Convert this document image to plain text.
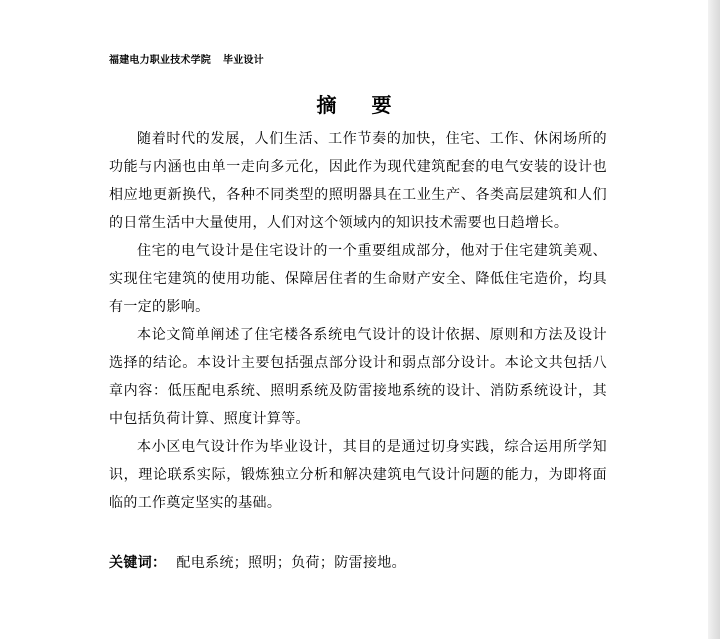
福建电力职业技术学院 毕业设计
摘 要
随着时代的发展，人们生活、工作节奏的加快，住宅、工作、休闲场所的
功能与内涵也由单一走向多元化，因此作为现代建筑配套的电气安装的设计也
相应地更新换代，各种不同类型的照明器具在工业生产、各类高层建筑和人们
的日常生活中大量使用，人们对这个领域内的知识技术需要也日趋增长。
住宅的电气设计是住宅设计的一个重要组成部分，他对于住宅建筑美观、
实现住宅建筑的使用功能、保障居住者的生命财产安全、降低住宅造价，均具
有一定的影响。
本论文简单阐述了住宅楼各系统电气设计的设计依据、原则和方法及设计
选择的结论。本设计主要包括强点部分设计和弱点部分设计。本论文共包括八
章内容：低压配电系统、照明系统及防雷接地系统的设计、消防系统设计，其
中包括负荷计算、照度计算等。
本小区电气设计作为毕业设计，其目的是通过切身实践，综合运用所学知
识，理论联系实际，锻炼独立分析和解决建筑电气设计问题的能力，为即将面
临的工作奠定坚实的基础。
关键词： 配电系统；照明；负荷；防雷接地。
